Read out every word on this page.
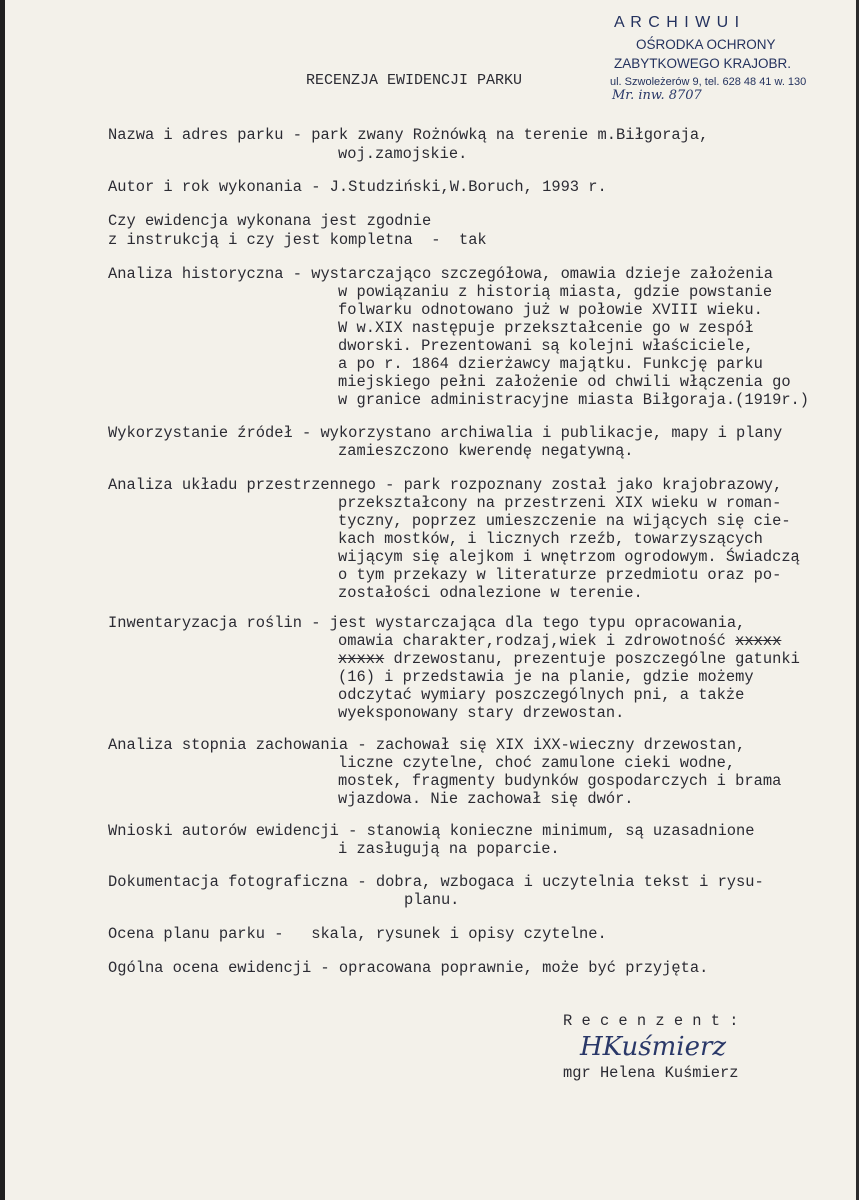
A R C H I W U I
OŚRODKA OCHRONY
ZABYTKOWEGO KRAJOBR.
ul. Szwoleżerów 9, tel. 628 48 41 w. 130
Mr. inw. 8707
RECENZJA EWIDENCJI PARKU
Nazwa i adres parku - park zwany Rożnówką na terenie m.Biłgoraja,
woj.zamojskie.
Autor i rok wykonania - J.Studziński,W.Boruch, 1993 r.
Czy ewidencja wykonana jest zgodnie
z instrukcją i czy jest kompletna  -  tak
Analiza historyczna - wystarczająco szczegółowa, omawia dzieje założenia
w powiązaniu z historią miasta, gdzie powstanie
folwarku odnotowano już w połowie XVIII wieku.
W w.XIX następuje przekształcenie go w zespół
dworski. Prezentowani są kolejni właściciele,
a po r. 1864 dzierżawcy majątku. Funkcję parku
miejskiego pełni założenie od chwili włączenia go
w granice administracyjne miasta Biłgoraja.(1919r.)
Wykorzystanie źródeł - wykorzystano archiwalia i publikacje, mapy i plany
zamieszczono kwerendę negatywną.
Analiza układu przestrzennego - park rozpoznany został jako krajobrazowy,
przekształcony na przestrzeni XIX wieku w roman-
tyczny, poprzez umieszczenie na wijących się cie-
kach mostków, i licznych rzeźb, towarzyszących
wijącym się alejkom i wnętrzom ogrodowym. Świadczą
o tym przekazy w literaturze przedmiotu oraz po-
zostałości odnalezione w terenie.
Inwentaryzacja roślin - jest wystarczająca dla tego typu opracowania,
omawia charakter,rodzaj,wiek i zdrowotność xxxxx
xxxxx drzewostanu, prezentuje poszczególne gatunki
(16) i przedstawia je na planie, gdzie możemy
odczytać wymiary poszczególnych pni, a także
wyeksponowany stary drzewostan.
Analiza stopnia zachowania - zachował się XIX iXX-wieczny drzewostan,
liczne czytelne, choć zamulone cieki wodne,
mostek, fragmenty budynków gospodarczych i brama
wjazdowa. Nie zachował się dwór.
Wnioski autorów ewidencji - stanowią konieczne minimum, są uzasadnione
i zasługują na poparcie.
Dokumentacja fotograficzna - dobra, wzbogaca i uczytelnia tekst i rysu-
planu.
Ocena planu parku -   skala, rysunek i opisy czytelne.
Ogólna ocena ewidencji - opracowana poprawnie, może być przyjęta.
R e c e n z e n t :
HKuśmierz
mgr Helena Kuśmierz
